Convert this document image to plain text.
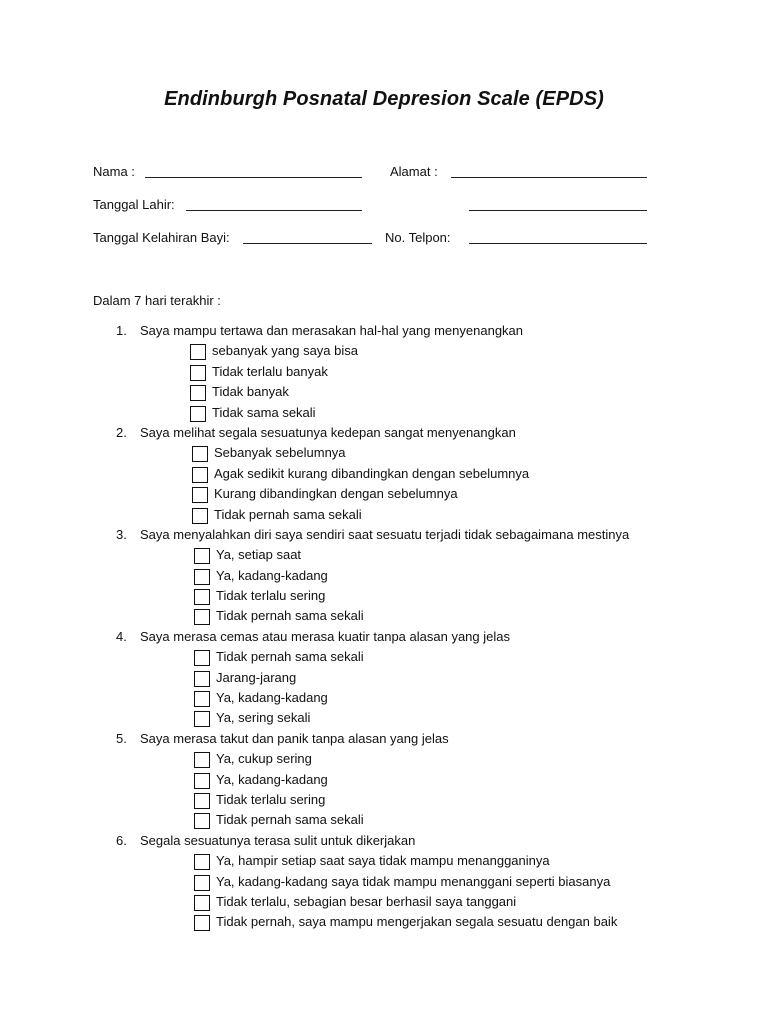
Endinburgh Posnatal Depresion Scale (EPDS)
Nama :	Alamat :
Tanggal Lahir:
Tanggal Kelahiran Bayi:	No. Telpon:
Dalam 7 hari terakhir :
1. Saya mampu tertawa dan merasakan hal-hal yang menyenangkan
sebanyak yang saya bisa
Tidak terlalu banyak
Tidak banyak
Tidak sama sekali
2. Saya melihat segala sesuatunya kedepan sangat menyenangkan
Sebanyak sebelumnya
Agak sedikit kurang dibandingkan dengan sebelumnya
Kurang dibandingkan dengan sebelumnya
Tidak pernah sama sekali
3. Saya menyalahkan diri saya sendiri saat sesuatu terjadi tidak sebagaimana mestinya
Ya, setiap saat
Ya, kadang-kadang
Tidak terlalu sering
Tidak pernah sama sekali
4. Saya merasa cemas atau merasa kuatir tanpa alasan yang jelas
Tidak pernah sama sekali
Jarang-jarang
Ya, kadang-kadang
Ya, sering sekali
5. Saya merasa takut dan panik tanpa alasan yang jelas
Ya, cukup sering
Ya, kadang-kadang
Tidak terlalu sering
Tidak pernah sama sekali
6. Segala sesuatunya terasa sulit untuk dikerjakan
Ya, hampir setiap saat saya tidak mampu menangganinya
Ya, kadang-kadang saya tidak mampu menanggani seperti biasanya
Tidak terlalu, sebagian besar berhasil saya tanggani
Tidak pernah, saya mampu mengerjakan segala sesuatu dengan baik
